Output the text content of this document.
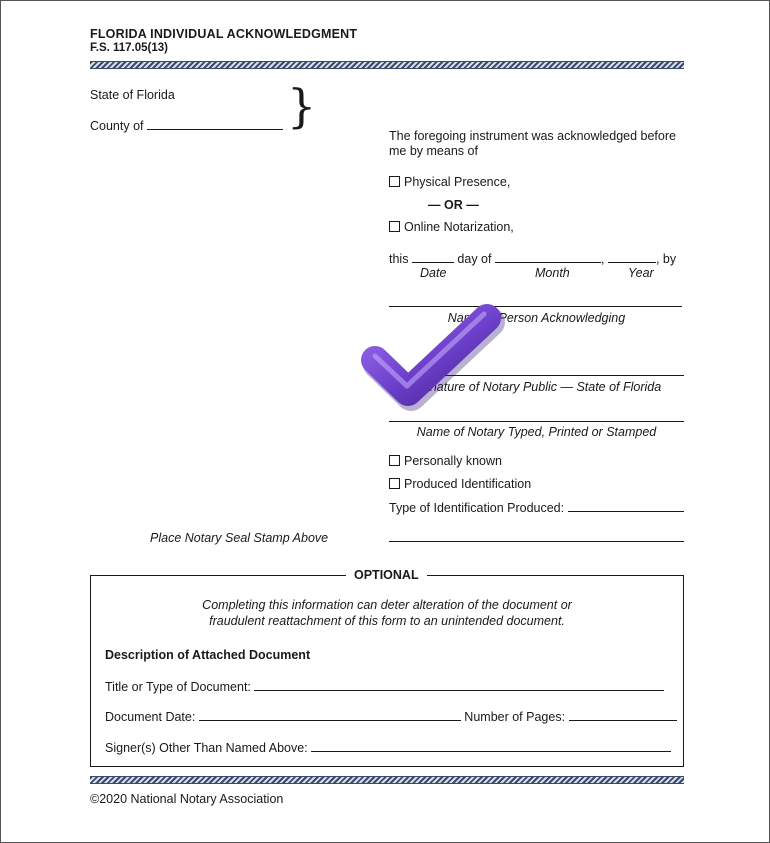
FLORIDA INDIVIDUAL ACKNOWLEDGMENT
F.S. 117.05(13)
State of Florida
County of	}
The foregoing instrument was acknowledged before
me by means of
Physical Presence,
— OR —
Online Notarization,
this	day of	,	, by
Date	Month	Year
Name of Person Acknowledging
Signature of Notary Public — State of Florida
Name of Notary Typed, Printed or Stamped
Personally known
Produced Identification
Type of Identification Produced:
Place Notary Seal Stamp Above
OPTIONAL
Completing this information can deter alteration of the document or
fraudulent reattachment of this form to an unintended document.
Description of Attached Document
Title or Type of Document:
Document Date:	Number of Pages:
Signer(s) Other Than Named Above:
©2020 National Notary Association
